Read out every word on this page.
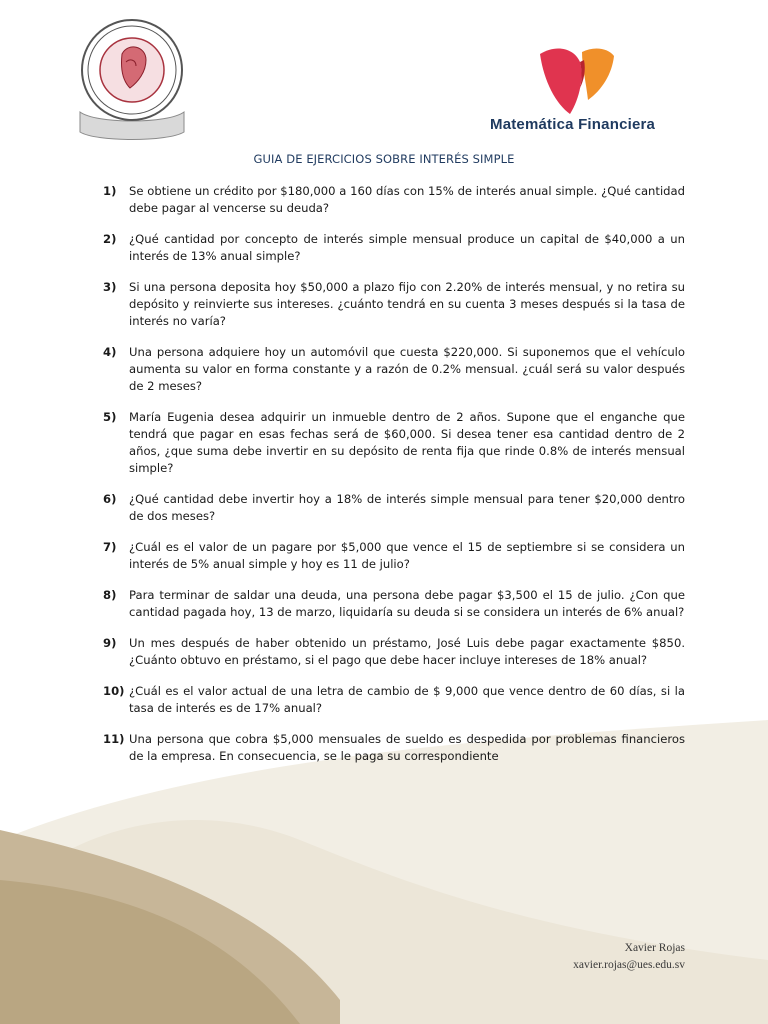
Matemática Financiera
GUIA DE EJERCICIOS SOBRE INTERÉS SIMPLE
1)	Se obtiene un crédito por $180,000 a 160 días con 15% de interés anual simple. ¿Qué cantidad debe pagar al vencerse su deuda?
2)	¿Qué cantidad por concepto de interés simple mensual produce un capital de $40,000 a un interés de 13% anual simple?
3)	Si una persona deposita hoy $50,000 a plazo fijo con 2.20% de interés mensual, y no retira su depósito y reinvierte sus intereses. ¿cuánto tendrá en su cuenta 3 meses después si la tasa de interés no varía?
4)	Una persona adquiere hoy un automóvil que cuesta $220,000. Si suponemos que el vehículo aumenta su valor en forma constante y a razón de 0.2% mensual. ¿cuál será su valor después de 2 meses?
5)	María Eugenia desea adquirir un inmueble dentro de 2 años. Supone que el enganche que tendrá que pagar en esas fechas será de $60,000. Si desea tener esa cantidad dentro de 2 años, ¿que suma debe invertir en su depósito de renta fija que rinde 0.8% de interés mensual simple?
6)	¿Qué cantidad debe invertir hoy a 18% de interés simple mensual para tener $20,000 dentro de dos meses?
7)	¿Cuál es el valor de un pagare por $5,000 que vence el 15 de septiembre si se considera un interés de 5% anual simple y hoy es 11 de julio?
8)	Para terminar de saldar una deuda, una persona debe pagar $3,500 el 15 de julio. ¿Con que cantidad pagada hoy, 13 de marzo, liquidaría su deuda si se considera un interés de 6% anual?
9)	Un mes después de haber obtenido un préstamo, José Luis debe pagar exactamente $850. ¿Cuánto obtuvo en préstamo, si el pago que debe hacer incluye intereses de 18% anual?
10) ¿Cuál es el valor actual de una letra de cambio de $ 9,000 que vence dentro de 60 días, si la tasa de interés es de 17% anual?
11) Una persona que cobra $5,000 mensuales de sueldo es despedida por problemas financieros de la empresa. En consecuencia, se le paga su correspondiente
Xavier Rojas
xavier.rojas@ues.edu.sv
